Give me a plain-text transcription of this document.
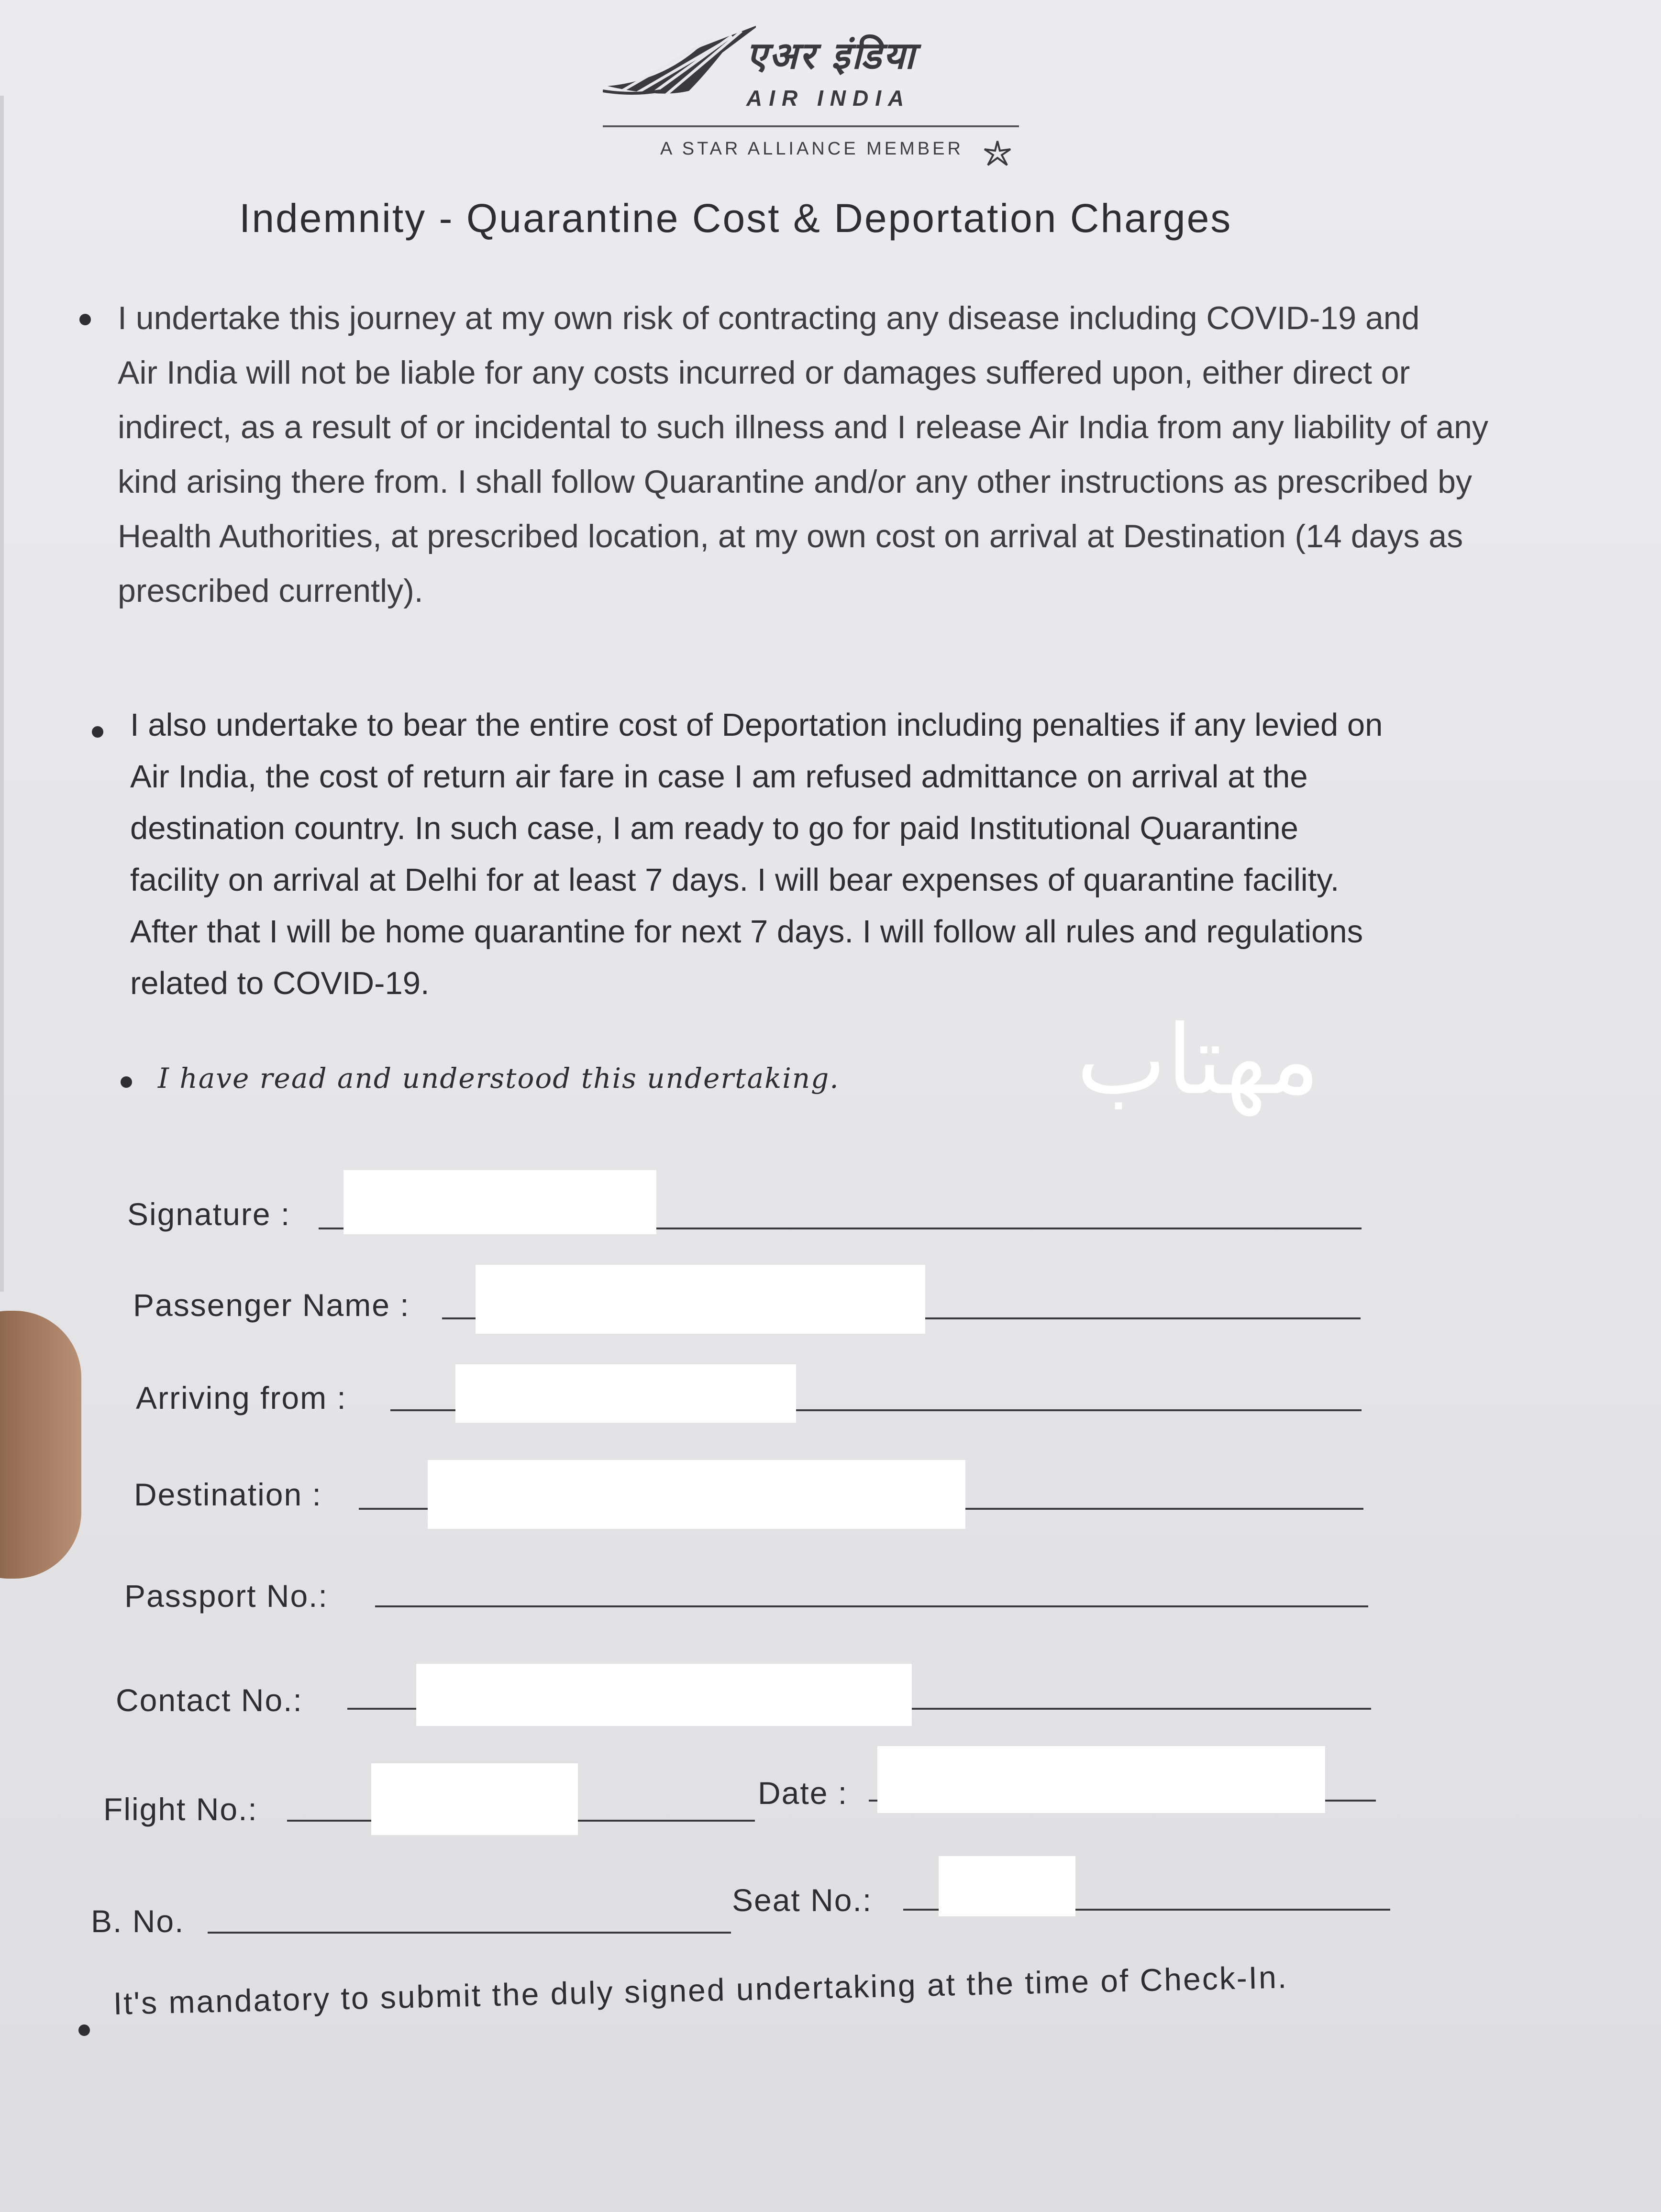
एअर इंडिया
AIR INDIA
A STAR ALLIANCE MEMBER
Indemnity - Quarantine Cost & Deportation Charges

I undertake this journey at my own risk of contracting any disease including COVID-19 and

Air India will not be liable for any costs incurred or damages suffered upon, either direct or

indirect, as a result of or incidental to such illness and I release Air India from any liability of any

kind arising there from. I shall follow Quarantine and/or any other instructions as prescribed by

Health Authorities, at prescribed location, at my own cost on arrival at Destination (14 days as

prescribed currently).

I also undertake to bear the entire cost of Deportation including penalties if any levied on

Air India, the cost of return air fare in case I am refused admittance on arrival at the

destination country. In such case, I am ready to go for paid Institutional Quarantine

facility on arrival at Delhi for at least 7 days. I will bear expenses of quarantine facility.

After that I will be home quarantine for next 7 days. I will follow all rules and regulations

related to COVID-19.

I have read and understood this undertaking. مهتاب
Signature :
Passenger Name :
Arriving from :
Destination :
Passport No.:
Contact No.:
Flight No.:	Date :
B. No.
Seat No.:
It's mandatory to submit the duly signed undertaking at the time of Check-In.
